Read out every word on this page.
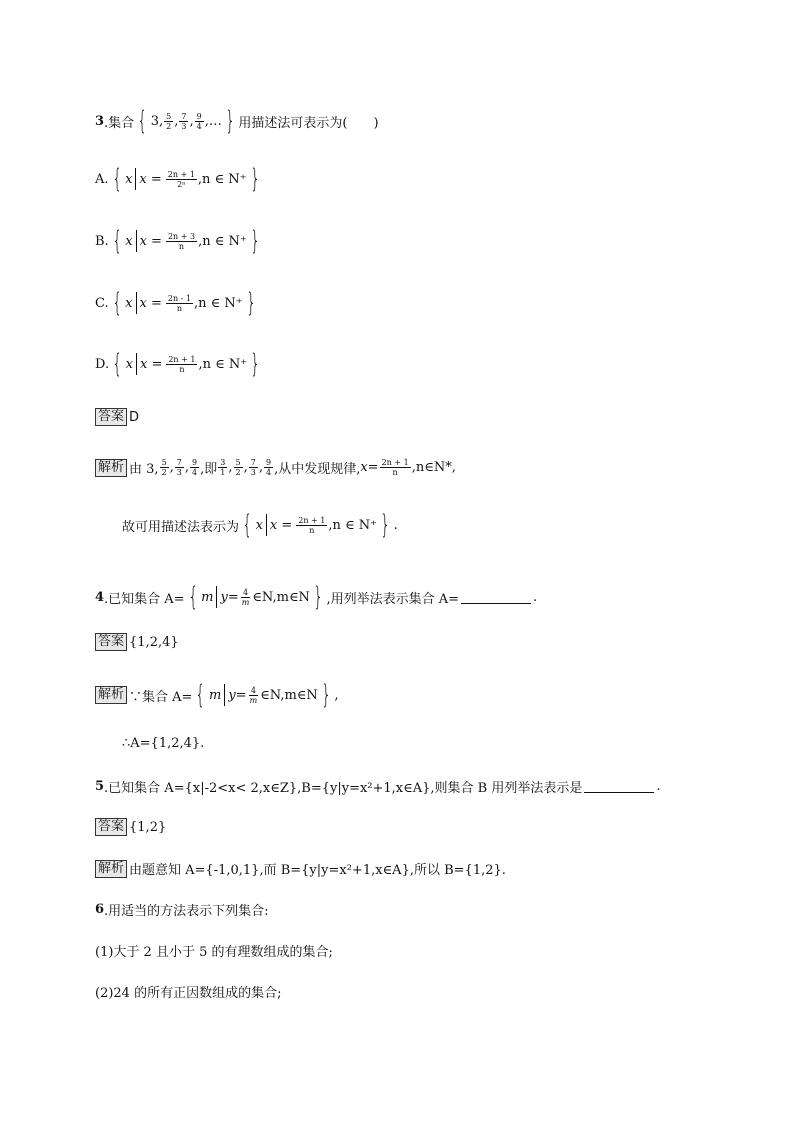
3 .集合 { 3, $\frac{5}{2}$ , $\frac{7}{3}$ , $\frac{9}{4}$ ,… } 用描述法可表示为(　　)
A. { x $x = \frac{2n + 1}{\text{2ⁿ}} ,n$ ∈ N⁺ }
B. { x $x = \frac{2n + 3}{n} ,n$ ∈ N⁺ }
C. { x $x = \frac{2n - 1}{n} ,n$ ∈ N⁺ }
D. { x $x = \frac{2n + 1}{n} ,n$ ∈ N⁺ }
答案 D
解析 由 3, $\frac{5}{2}$ , $\frac{7}{3}$ , $\frac{9}{4}$ ,即 $\frac{3}{1}$ , $\frac{5}{2}$ , $\frac{7}{3}$ , $\frac{9}{4}$ ,从中发现规律, $x= \frac{2n + 1}{n}$ ,n∈N*,
故可用描述法表示为 { x $x = \frac{2n + 1}{n} ,n$ ∈ N⁺ } .
4 .已知集合 A= { m $y= \frac{4}{m}$ ∈N,m∈N } ,用列举法表示集合 A=	.
答案 {1,2,4}
解析 ∵集合 A= { m $y= \frac{4}{m}$ ∈N,m∈N } ,
∴A={1,2,4}.
5 .已知集合 A={x|-2<x< 2,x∈Z},B={y|y=x²+1,x∈A},则集合 B 用列举法表示是	.
答案 {1,2}
解析 由题意知 A={-1,0,1},而 B={y|y=x²+1,x∈A},所以 B={1,2}.
6 .用适当的方法表示下列集合:
(1)大于 2 且小于 5 的有理数组成的集合;
(2)24 的所有正因数组成的集合;
